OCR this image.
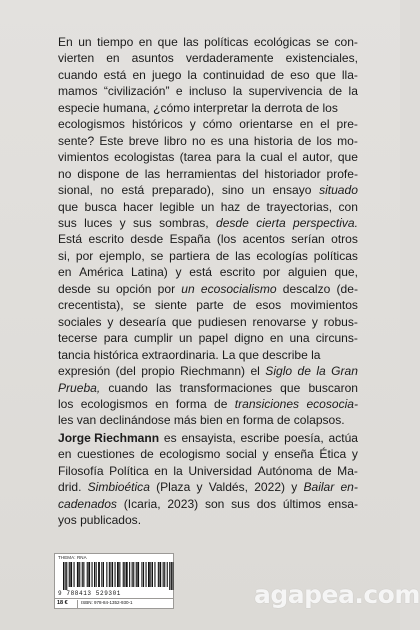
En un tiempo en que las políticas ecológicas se con-
vierten en asuntos verdaderamente existenciales,
cuando está en juego la continuidad de eso que lla-
mamos “civilización” e incluso la supervivencia de la
especie humana, ¿cómo interpretar la derrota de los
ecologismos históricos y cómo orientarse en el pre-
sente? Este breve libro no es una historia de los mo-
vimientos ecologistas (tarea para la cual el autor, que
no dispone de las herramientas del historiador profe-
sional, no está preparado), sino un ensayo situado
que busca hacer legible un haz de trayectorias, con
sus luces y sus sombras, desde cierta perspectiva.
Está escrito desde España (los acentos serían otros
si, por ejemplo, se partiera de las ecologías políticas
en América Latina) y está escrito por alguien que,
desde su opción por un ecosocialismo descalzo (de-
crecentista), se siente parte de esos movimientos
sociales y desearía que pudiesen renovarse y robus-
tecerse para cumplir un papel digno en una circuns-
tancia histórica extraordinaria. La que describe la
expresión (del propio Riechmann) el Siglo de la Gran
Prueba, cuando las transformaciones que buscaron
los ecologismos en forma de transiciones ecosocia-
les van declinándose más bien en forma de colapsos.
Jorge Riechmann es ensayista, escribe poesía, actúa
en cuestiones de ecologismo social y enseña Ética y
Filosofía Política en la Universidad Autónoma de Ma-
drid. Simbioética (Plaza y Valdés, 2022) y Bailar en-
cadenados (Icaria, 2023) son sus dos últimos ensa-
yos publicados.
THEMA: RNA
9 788413 529301
18 €	ISBN: 978-84-1352-930-1	agapea.com
